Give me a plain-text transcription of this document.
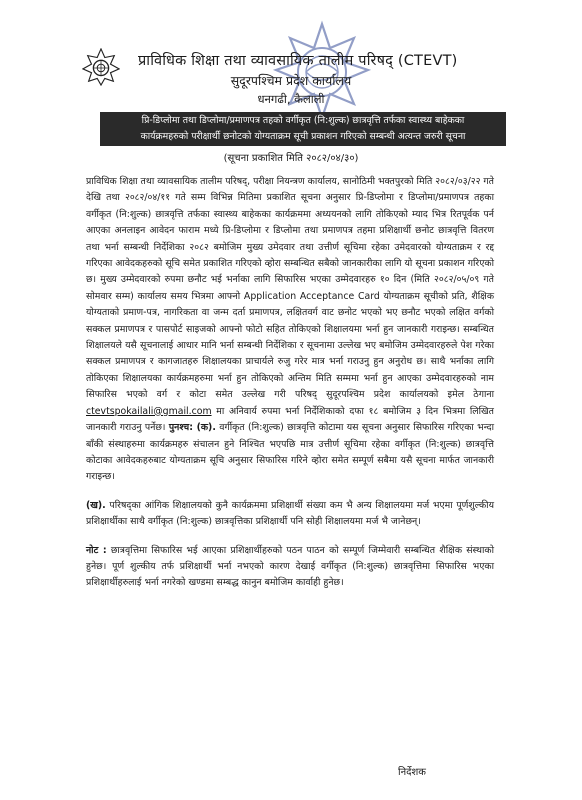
प्राविधिक शिक्षा तथा व्यावसायिक तालीम परिषद् (CTEVT)
सुदूरपश्चिम प्रदेश कार्यालय
धनगढी, कैलाली
प्रि-डिप्लोमा तथा डिप्लोमा/प्रमाणपत्र तहको वर्गीकृत (नि:शुल्क) छात्रवृत्ति तर्फका स्वास्थ्य बाहेकका
कार्यक्रमहरुको परीक्षार्थी छनोटको योग्यताक्रम सूची प्रकाशन गरिएको सम्बन्धी अत्यन्त जरुरी सूचना
(सूचना प्रकाशित मिति २०८२/०४/३०)

प्राविधिक शिक्षा तथा व्यावसायिक तालीम परिषद्, परीक्षा नियन्त्रण कार्यालय, सानोठिमी भक्तपुरको मिति २०८२/०३/२२ गते देखि तथा २०८२/०४/११ गते सम्म विभिन्न मितिमा प्रकाशित सूचना अनुसार प्रि-डिप्लोमा र डिप्लोमा/प्रमाणपत्र तहका वर्गीकृत (नि:शुल्क) छात्रवृत्ति तर्फका स्वास्थ्य बाहेकका कार्यक्रममा अध्ययनको लागि तोकिएको म्याद भित्र रितपूर्वक पर्न आएका अनलाइन आवेदन फाराम मध्ये प्रि-डिप्लोमा र डिप्लोमा तथा प्रमाणपत्र तहमा प्रशिक्षार्थी छनोट छात्रवृत्ति वितरण तथा भर्ना सम्बन्धी निर्देशिका २०८२ बमोजिम मुख्य उमेदवार तथा उत्तीर्ण सूचिमा रहेका उमेदवारको योग्यताक्रम र रद्द गरिएका आवेदकहरुको सूचि समेत प्रकाशित गरिएको व्होरा सम्बन्धित सबैको जानकारीका लागि यो सूचना प्रकाशन गरिएको छ। मुख्य उम्मेदवारको रुपमा छनौट भई भर्नाका लागि सिफारिस भएका उम्मेदवारहरु १० दिन (मिति २०८२/०५/०९ गते सोमवार सम्म) कार्यालय समय भित्रमा आफ्नो Application Acceptance Card योग्यताक्रम सूचीको प्रति, शैक्षिक योग्यताको प्रमाण-पत्र, नागरिकता वा जन्म दर्ता प्रमाणपत्र, लक्षितवर्ग वाट छनोट भएको भए छनौट भएको लक्षित वर्गको सक्कल प्रमाणपत्र र पासपोर्ट साइजको आफ्नो फोटो सहित तोकिएको शिक्षालयमा भर्ना हुन जानकारी गराइन्छ। सम्बन्धित शिक्षालयले यसै सूचनालाई आधार मानि भर्ना सम्बन्धी निर्देशिका र सूचनामा उल्लेख भए बमोजिम उम्मेदवारहरुले पेश गरेका सक्कल प्रमाणपत्र र कागजातहरु शिक्षालयका प्राचार्यले रुजु गरेर मात्र भर्ना गराउनु हुन अनुरोध छ। साथै भर्नाका लागि तोकिएका शिक्षालयका कार्यक्रमहरुमा भर्ना हुन तोकिएको अन्तिम मिति सम्ममा भर्ना हुन आएका उम्मेदवारहरुको नाम सिफारिस भएको वर्ग र कोटा समेत उल्लेख गरी परिषद् सुदूरपश्चिम प्रदेश कार्यालयको इमेल ठेगाना ctevtspokailali@gmail.com मा अनिवार्य रुपमा भर्ना निर्देशिकाको दफा १८ बमोजिम ३ दिन भित्रमा लिखित जानकारी गराउनु पर्नेछ। पुनश्च: (क). वर्गीकृत (नि:शुल्क) छात्रवृत्ति कोटामा यस सूचना अनुसार सिफारिस गरिएका भन्दा बाँकी संस्थाहरुमा कार्यक्रमहरु संचालन हुने निश्चित भएपछि मात्र उत्तीर्ण सूचिमा रहेका वर्गीकृत (नि:शुल्क) छात्रवृत्ति कोटाका आवेदकहरुबाट योग्यताक्रम सूचि अनुसार सिफारिस गरिने व्होरा समेत सम्पूर्ण सबैमा यसै सूचना मार्फत जानकारी गराइन्छ।

(ख). परिषद्का आंगिक शिक्षालयको कुनै कार्यक्रममा प्रशिक्षार्थी संख्या कम भै अन्य शिक्षालयमा मर्ज भएमा पूर्णशुल्कीय प्रशिक्षार्थीका साथै वर्गीकृत (नि:शुल्क) छात्रवृत्तिका प्रशिक्षार्थी पनि सोही शिक्षालयमा मर्ज भै जानेछन्।

नोट : छात्रवृत्तिमा सिफारिस भई आएका प्रशिक्षार्थीहरुको पठन पाठन को सम्पूर्ण जिम्मेवारी सम्बन्धित शैक्षिक संस्थाको हुनेछ। पूर्ण शुल्कीय तर्फ प्रशिक्षार्थी भर्ना नभएको कारण देखाई वर्गीकृत (नि:शुल्क) छात्रवृत्तिमा सिफारिस भएका प्रशिक्षार्थीहरुलाई भर्ना नगरेको खण्डमा सम्बद्ध कानुन बमोजिम कार्वाही हुनेछ।

निर्देशक
